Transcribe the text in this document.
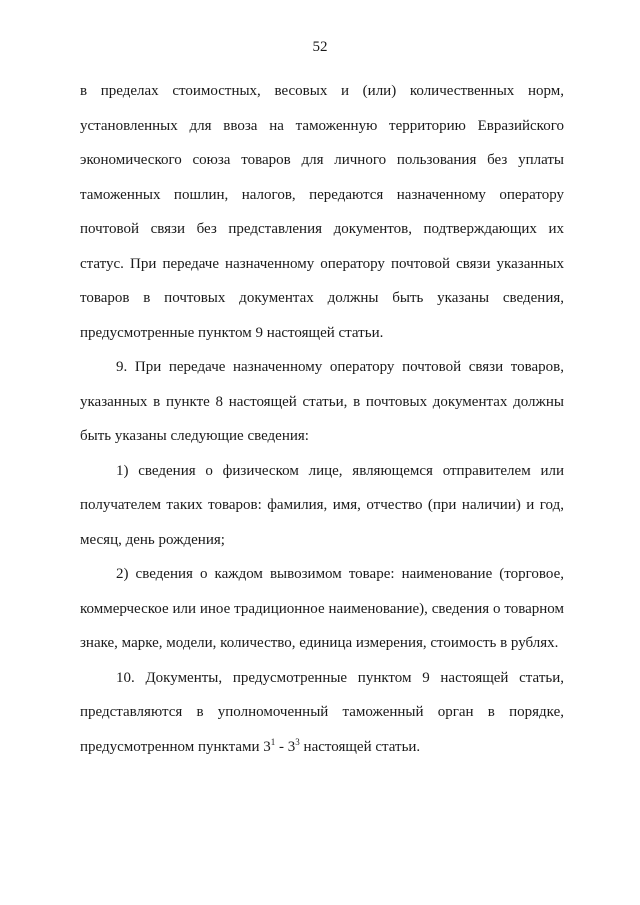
52

в пределах стоимостных, весовых и (или) количественных норм, установленных для ввоза на таможенную территорию Евразийского экономического союза товаров для личного пользования без уплаты таможенных пошлин, налогов, передаются назначенному оператору почтовой связи без представления документов, подтверждающих их статус. При передаче назначенному оператору почтовой связи указанных товаров в почтовых документах должны быть указаны сведения, предусмотренные пунктом 9 настоящей статьи.

9. При передаче назначенному оператору почтовой связи товаров, указанных в пункте 8 настоящей статьи, в почтовых документах должны быть указаны следующие сведения:

1) сведения о физическом лице, являющемся отправителем или получателем таких товаров: фамилия, имя, отчество (при наличии) и год, месяц, день рождения;

2) сведения о каждом вывозимом товаре: наименование (торговое, коммерческое или иное традиционное наименование), сведения о товарном знаке, марке, модели, количество, единица измерения, стоимость в рублях.

10. Документы, предусмотренные пунктом 9 настоящей статьи, представляются в уполномоченный таможенный орган в порядке, предусмотренном пунктами $3^1 - 3^3$ настоящей статьи.
